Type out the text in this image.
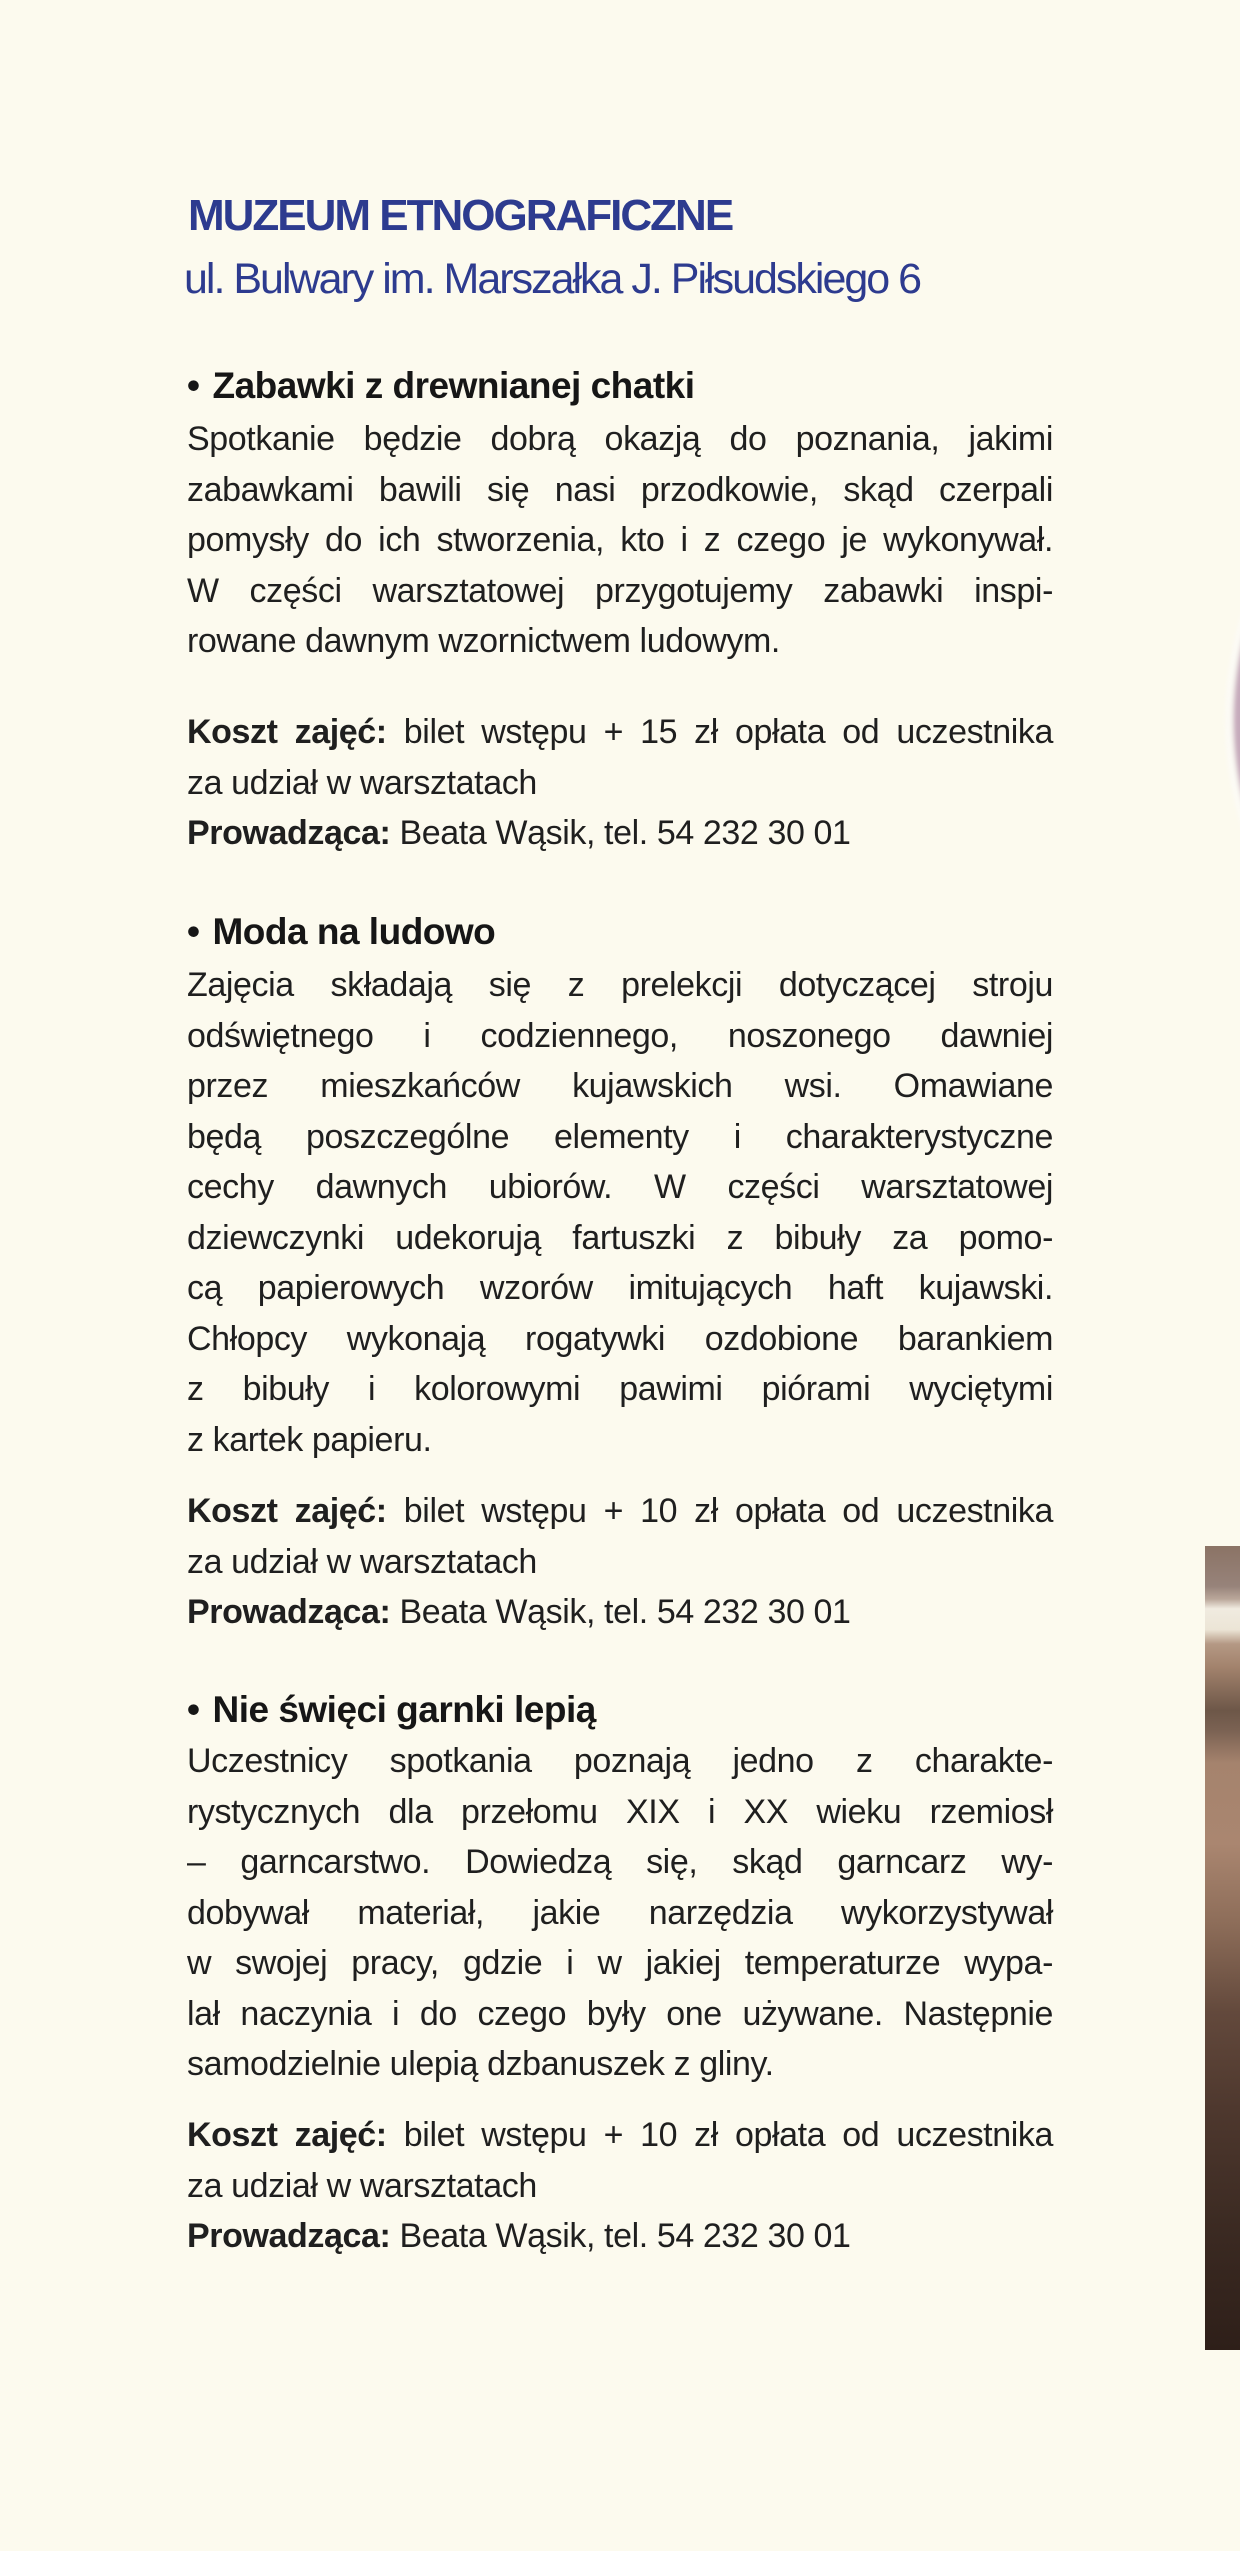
MUZEUM ETNOGRAFICZNE
ul. Bulwary im. Marszałka J. Piłsudskiego 6
• Zabawki z drewnianej chatki
Spotkanie będzie dobrą okazją do poznania, jakimi
zabawkami bawili się nasi przodkowie, skąd czerpali
pomysły do ich stworzenia, kto i z czego je wykonywał.
W części warsztatowej przygotujemy zabawki inspi-
rowane dawnym wzornictwem ludowym.
Koszt zajęć: bilet wstępu + 15 zł opłata od uczestnika
za udział w warsztatach
Prowadząca: Beata Wąsik, tel. 54 232 30 01
• Moda na ludowo
Zajęcia składają się z prelekcji dotyczącej stroju
odświętnego i codziennego, noszonego dawniej
przez mieszkańców kujawskich wsi. Omawiane
będą poszczególne elementy i charakterystyczne
cechy dawnych ubiorów. W części warsztatowej
dziewczynki udekorują fartuszki z bibuły za pomo-
cą papierowych wzorów imitujących haft kujawski.
Chłopcy wykonają rogatywki ozdobione barankiem
z bibuły i kolorowymi pawimi piórami wyciętymi
z kartek papieru.
Koszt zajęć: bilet wstępu + 10 zł opłata od uczestnika
za udział w warsztatach
Prowadząca: Beata Wąsik, tel. 54 232 30 01
• Nie święci garnki lepią
Uczestnicy spotkania poznają jedno z charakte-
rystycznych dla przełomu XIX i XX wieku rzemiosł
– garncarstwo. Dowiedzą się, skąd garncarz wy-
dobywał materiał, jakie narzędzia wykorzystywał
w swojej pracy, gdzie i w jakiej temperaturze wypa-
lał naczynia i do czego były one używane. Następnie
samodzielnie ulepią dzbanuszek z gliny.
Koszt zajęć: bilet wstępu + 10 zł opłata od uczestnika
za udział w warsztatach
Prowadząca: Beata Wąsik, tel. 54 232 30 01
